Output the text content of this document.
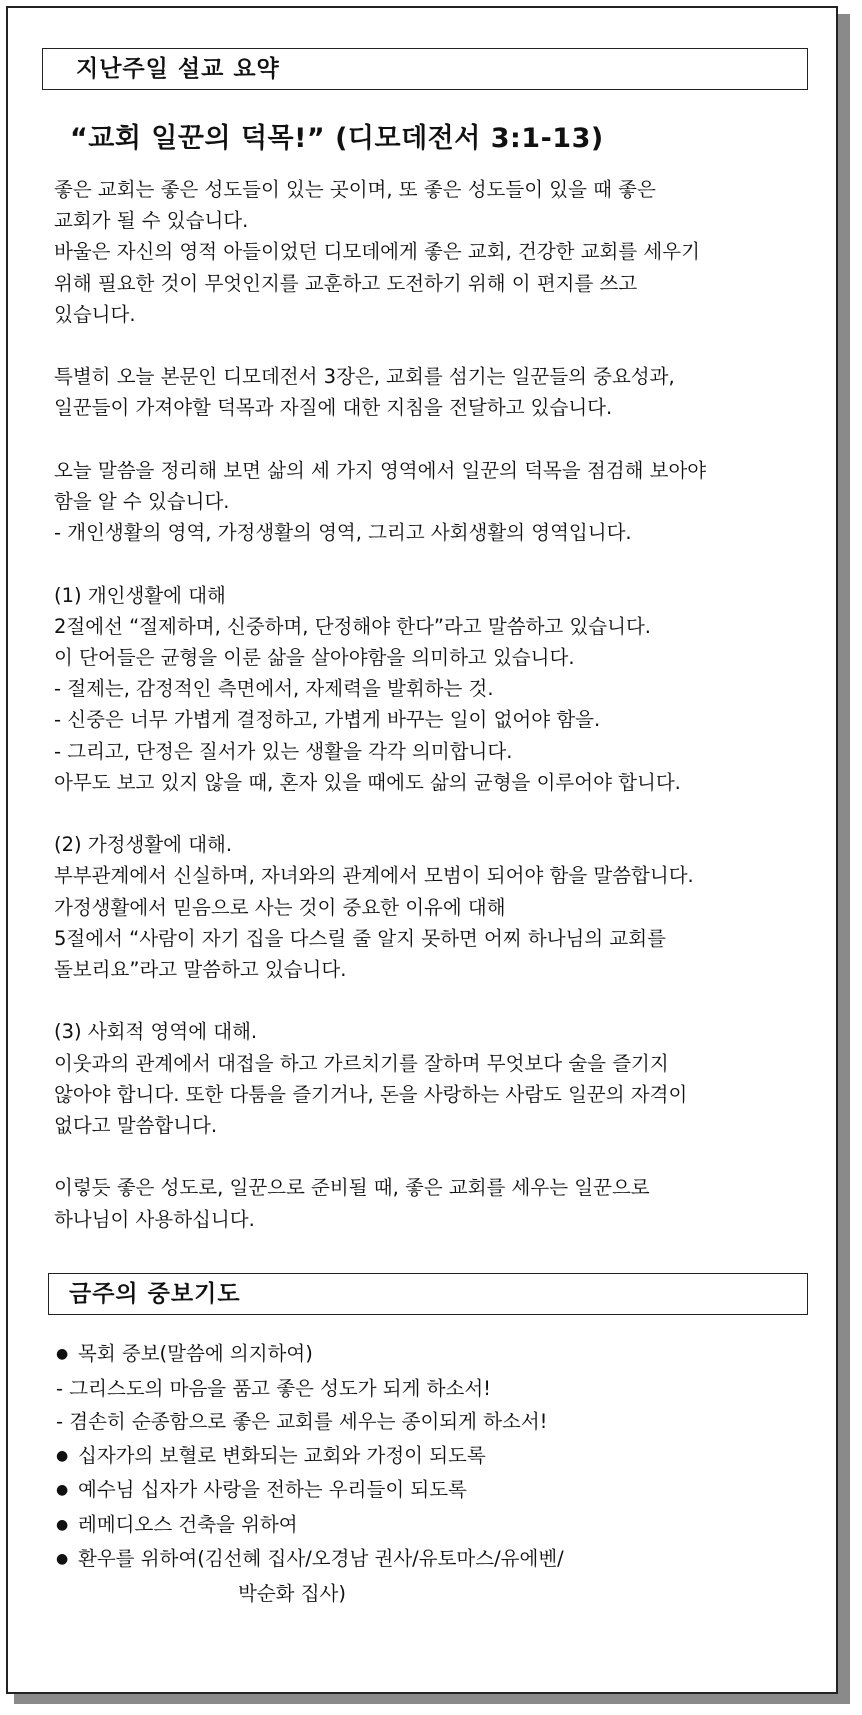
지난주일 설교 요약
“교회 일꾼의 덕목!” (디모데전서 3:1-13)

좋은 교회는 좋은 성도들이 있는 곳이며, 또 좋은 성도들이 있을 때 좋은
교회가 될 수 있습니다.
바울은 자신의 영적 아들이었던 디모데에게 좋은 교회, 건강한 교회를 세우기
위해 필요한 것이 무엇인지를 교훈하고 도전하기 위해 이 편지를 쓰고
있습니다.

특별히 오늘 본문인 디모데전서 3장은, 교회를 섬기는 일꾼들의 중요성과,
일꾼들이 가져야할 덕목과 자질에 대한 지침을 전달하고 있습니다.

오늘 말씀을 정리해 보면 삶의 세 가지 영역에서 일꾼의 덕목을 점검해 보아야
함을 알 수 있습니다.
- 개인생활의 영역, 가정생활의 영역, 그리고 사회생활의 영역입니다.

(1) 개인생활에 대해
2절에선 “절제하며, 신중하며, 단정해야 한다”라고 말씀하고 있습니다.
이 단어들은 균형을 이룬 삶을 살아야함을 의미하고 있습니다.
- 절제는, 감정적인 측면에서, 자제력을 발휘하는 것.
- 신중은 너무 가볍게 결정하고, 가볍게 바꾸는 일이 없어야 함을.
- 그리고, 단정은 질서가 있는 생활을 각각 의미합니다.
아무도 보고 있지 않을 때, 혼자 있을 때에도 삶의 균형을 이루어야 합니다.

(2) 가정생활에 대해.
부부관계에서 신실하며, 자녀와의 관계에서 모범이 되어야 함을 말씀합니다.
가정생활에서 믿음으로 사는 것이 중요한 이유에 대해
5절에서 “사람이 자기 집을 다스릴 줄 알지 못하면 어찌 하나님의 교회를
돌보리요”라고 말씀하고 있습니다.

(3) 사회적 영역에 대해.
이웃과의 관계에서 대접을 하고 가르치기를 잘하며 무엇보다 술을 즐기지
않아야 합니다. 또한 다툼을 즐기거나, 돈을 사랑하는 사람도 일꾼의 자격이
없다고 말씀합니다.

이렇듯 좋은 성도로, 일꾼으로 준비될 때, 좋은 교회를 세우는 일꾼으로
하나님이 사용하십니다.

금주의 중보기도
● 목회 중보(말씀에 의지하여)
- 그리스도의 마음을 품고 좋은 성도가 되게 하소서!
- 겸손히 순종함으로 좋은 교회를 세우는 종이되게 하소서!
● 십자가의 보혈로 변화되는 교회와 가정이 되도록
● 예수님 십자가 사랑을 전하는 우리들이 되도록
● 레메디오스 건축을 위하여
● 환우를 위하여(김선혜 집사/오경남 권사/유토마스/유에벤/
박순화 집사)
